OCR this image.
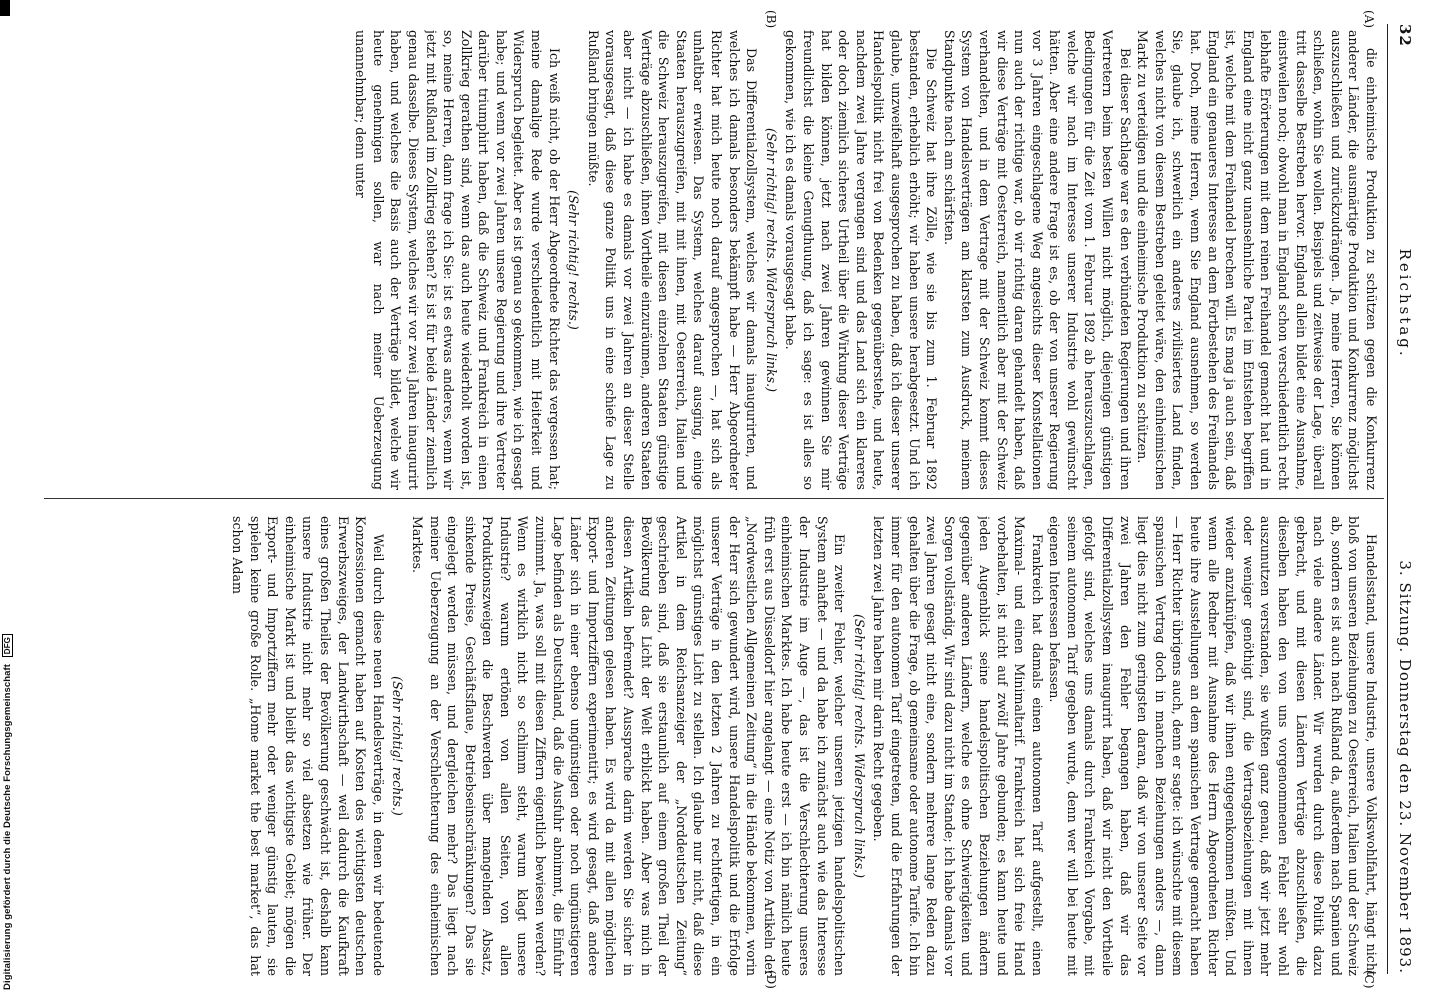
Digitalisierung gefördert durch die Deutsche Forschungsgemeinschaft DFG
32
Reichstag.
3. Sitzung. Donnerstag den 23. November 1893.
(A)
(B)
(C)
(D)

die einheimische Produktion zu schützen gegen die Konkurrenz anderer Länder, die ausmärtige Produktion und Konkurrenz möglichst auszuschließen und zurückzudrängen. Ja, meine Herren, Sie können schließen, wohin Sie wollen. Beispiels und zeitweise der Lage, überall tritt dasselbe Bestreben hervor. England allein bildet eine Ausnahme, einstweilen noch; obwohl man in England schon verschiedentlich recht lebhafte Erörterungen mit dem reinen Freihandel gemacht hat und in England eine nicht ganz unansehnliche Partei im Entstehen begriffen ist, welche mit dem Freihandel brechen will. Es mag ja auch sein, daß England ein genaueres Interesse an dem Fortbestehen des Freihandels hat. Doch, meine Herren, wenn Sie England ausnehmen, so werden Sie, glaube ich, schwerlich ein anderes zivilisiertes Land finden, welches nicht von diesem Bestreben geleitet wäre, den einheimischen Markt zu verteidigen und die einheimische Produktion zu schützen.

Bei dieser Sachlage war es den verbündeten Regierungen und ihren Vertretern beim besten Willen nicht möglich, diejenigen günstigen Bedingungen für die Zeit vom 1. Februar 1892 ab herauszuschlagen, welche wir nach im Interesse unserer Industrie wohl gewünscht hätten. Aber eine andere Frage ist es, ob der von unserer Regierung vor 3 Jahren eingeschlagene Weg angesichts dieser Konstellationen nun auch der richtige war, ob wir richtig daran gehandelt haben, daß wir diese Verträge mit Oesterreich, namentlich aber mit der Schweiz verhandelten, und in dem Vertrage mit der Schweiz kommt dieses System von Handelsverträgen am klarsten zum Ausdruck, meinem Standpunkte nach am schärfsten.

Die Schweiz hat ihre Zölle, wie sie bis zum 1. Februar 1892 bestanden, erheblich erhöht; wir haben unsere herabgesetzt. Und ich glaube, unzweifelhaft ausgesprochen zu haben, daß ich dieser unserer Handelspolitik nicht frei von Bedenken gegenüberstehe, und heute, nachdem zwei Jahre vergangen sind und das Land sich ein klareres oder doch ziemlich sicheres Urtheil über die Wirkung dieser Verträge hat bilden können, jetzt nach zwei Jahren gewinnen Sie mir freundlichst die kleine Genugthuung, daß ich sage: es ist alles so gekommen, wie ich es damals vorausgesagt habe.

(Sehr richtig! rechts. Widerspruch links.)

Das Differentialzollsystem, welches wir damals inaugurirten, und welches ich damals besonders bekämpft habe — Herr Abgeordneter Richter hat mich heute noch darauf angesprochen —, hat sich als unhaltbar erwiesen. Das System, welches darauf ausging, einige Staaten herauszugreifen, mit mit ihnen, mit Oesterreich, Italien und die Schweiz herauszugreifen, mit diesen einzelnen Staaten günstige Verträge abzuschließen, ihnen Vortheile einzuräumen, anderen Staaten aber nicht — ich habe es damals vor zwei Jahren an dieser Stelle vorausgesagt, daß diese ganze Politik uns in eine schiefe Lage zu Rußland bringen müßte.

(Sehr richtig! rechts.)

Ich weiß nicht, ob der Herr Abgeordnete Richter das vergessen hat; meine damalige Rede wurde verschiedentlich mit Heiterkeit und Widerspruch begleitet. Aber es ist genau so gekommen, wie ich gesagt habe; und wenn vor zwei Jahren unsere Regierung und ihre Vertreter darüber triumphirt haben, daß die Schweiz und Frankreich in einen Zollkrieg gerathen sind, wenn das auch heute wiederholt worden ist, so, meine Herren, dann frage ich Sie: ist es etwas anderes, wenn wir jetzt mit Rußland im Zollkrieg stehen? Es ist für beide Länder ziemlich genau dasselbe. Dieses System, welches wir vor zwei Jahren inaugurirt haben, und welches die Basis auch der Verträge bildet, welche wir heute genehmigen sollen, war nach meiner Ueberzeugung unannehmbar; denn unter

Handelsstand, unsere Industrie, unsere Volkswohlfahrt, hängt nicht bloß von unseren Beziehungen zu Oesterreich, Italien und der Schweiz ab, sondern es ist auch nach Rußland da, außerdem nach Spanien und nach viele andere Länder. Wir wurden durch diese Politik dazu gebracht, und mit diesen Ländern Verträge abzuschließen, die dieselben haben den von uns vorgenommenen Fehler sehr wohl auszunutzen verstanden, sie wußten ganz genau, daß wir jetzt mehr oder weniger genöthigt sind, die Vertragsbeziehungen mit ihnen wieder anzuknüpfen, daß wir ihnen entgegenkommen müßten. Und wenn alle Redner mit Ausnahme des Herrn Abgeordneten Richter heute ihre Ausstellungen an dem spanischen Vertrage gemacht haben — Herr Richter übrigens auch, denn er sagte: ich wünschte mit diesem spanischen Vertrag doch in manchen Beziehungen anders —, dann liegt dies nicht zum geringsten daran, daß wir von unserer Seite vor zwei Jahren den Fehler begangen haben, daß wir das Differentialzollsystem inaugurirt haben, daß wir nicht den Vortheile gefolgt sind, welches uns damals durch Frankreich Vorgabe, mit seinem autonomen Tarif gegeben wurde, denn wer will bei heute mit eigenen Interessen befassen.

Frankreich hat damals einen autonomen Tarif aufgestellt, einen Maximal- und einen Minimaltarif. Frankreich hat sich freie Hand vorbehalten, ist nicht auf zwölf Jahre gebunden; es kann heute und jeden Augenblick seine handelspolitischen Beziehungen ändern gegenüber anderen Ländern, welche es ohne Schwierigkeiten und Sorgen vollständig. Wir sind dazu nicht im Stande; ich habe damals vor zwei Jahren gesagt nicht eine, sondern mehrere lange Reden dazu gehalten über die Frage, ob gemeinsame oder autonome Tarife. Ich bin immer für den autonomen Tarif eingetreten, und die Erfahrungen der letzten zwei Jahre haben mir darin Recht gegeben.

(Sehr richtig! rechts. Widerspruch links.)

Ein zweiter Fehler, welcher unseren jetzigen handelspolitischen System anhaftet — und da habe ich zunächst auch wie das Interesse der Industrie im Auge —, das ist die Verschlechterung unseres einheimischen Marktes. Ich habe heute erst — ich bin nämlich heute früh erst aus Düsseldorf hier angelangt — eine Notiz von Artikeln der „Nordwestlichen Allgemeinen Zeitung“ in die Hände bekommen, worin der Herr sich gewundert wird, unsere Handelspolitik und die Erfolge unserer Verträge in den letzten 2 Jahren zu rechtfertigen, in ein möglichst günstiges Licht zu stellen. Ich glaube nur nicht, daß diese Artikel in dem Reichsanzeiger der „Norddeutschen Zeitung“ geschrieben sind, daß sie erstaunlich auf einem großen Theil der Bevölkerung das Licht der Welt erblickt haben. Aber was mich in diesen Artikeln befremdet? Aussprache darin werden Sie sicher in anderen Zeitungen gelesen haben. Es wird da mit allen möglichen Export- und Importziffern experimentirt; es wird gesagt, daß andere Länder sich in einer ebenso ungünstigen oder noch ungünstigeren Lage befinden als Deutschland, daß die Ausfuhr abnimmt, die Einfuhr zunimmt. Ja, was soll mit diesen Ziffern eigentlich bewiesen werden? Wenn es wirklich nicht so schlimm steht, warum klagt unsere Industrie? warum ertönen von allen Seiten, von allen Produktionszweigen die Beschwerden über mangelnden Absatz, sinkende Preise, Geschäftsflaue, Betriebseinschränkungen? Das sie eingelegt werden müssen, und dergleichen mehr? Das liegt nach meiner Ueberzeugung an der Verschlechterung des einheimischen Marktes.

(Sehr richtig! rechts.)

Weil durch diese neuen Handelsverträge, in denen wir bedeutende Konzessionen gemacht haben auf Kosten des wichtigsten deutschen Erwerbszweiges, der Landwirthschaft — weil dadurch die Kaufkraft eines großen Theiles der Bevölkerung geschwächt ist, deshalb kann unsere Industrie nicht mehr so viel absetzen wie früher. Der einheimische Markt ist und bleibt das wichtigste Gebiet; mögen die Export- und Importziffern mehr oder weniger günstig lauten, sie spielen keine große Rolle. „Home market the best market“, das hat schon Adam
